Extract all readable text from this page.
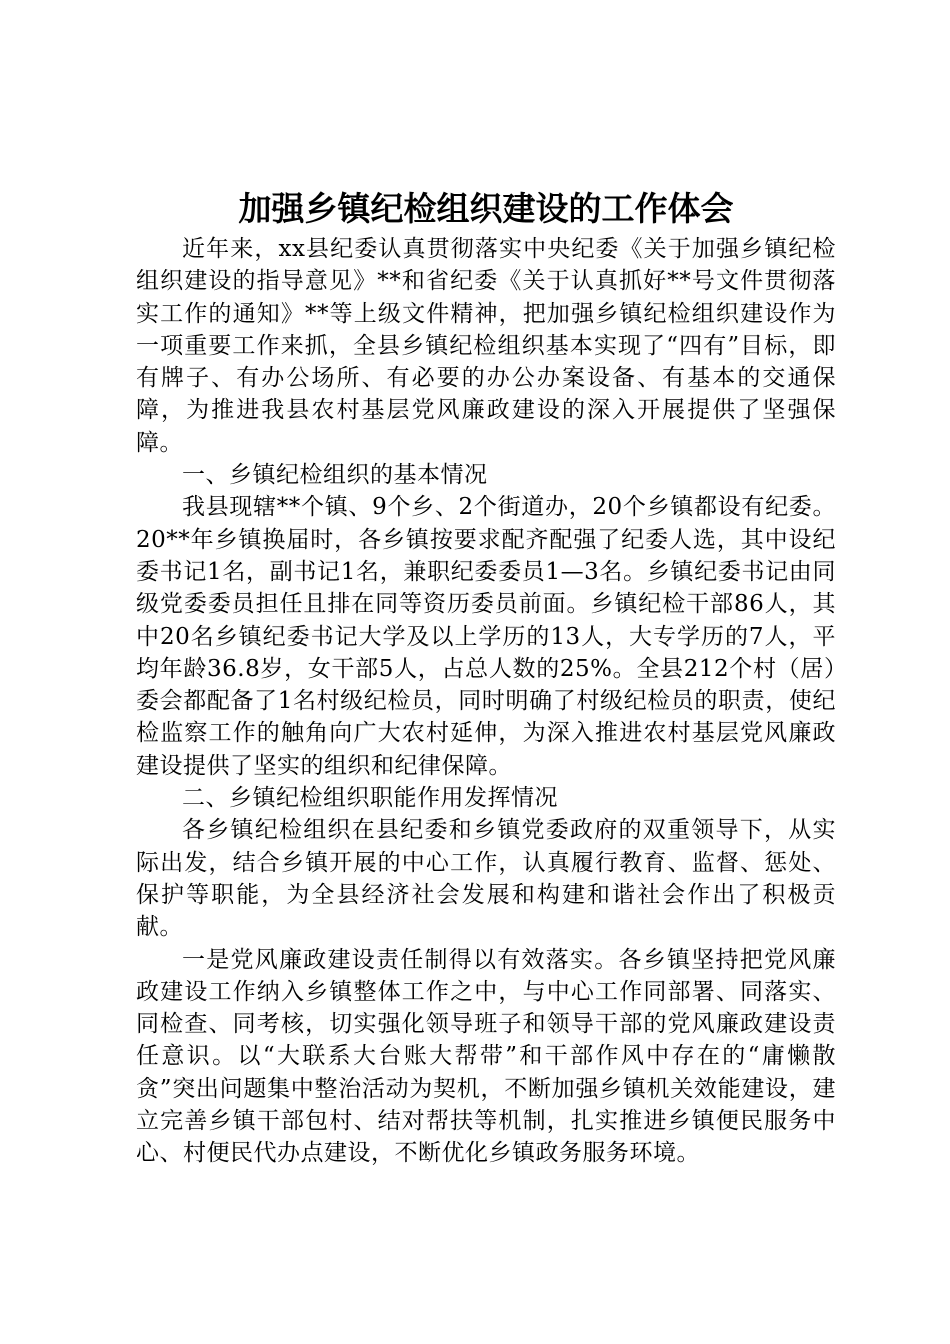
加强乡镇纪检组织建设的工作体会

近年来，xx县纪委认真贯彻落实中央纪委《关于加强乡镇纪检组织建设的指导意见》**和省纪委《关于认真抓好**号文件贯彻落实工作的通知》**等上级文件精神，把加强乡镇纪检组织建设作为一项重要工作来抓，全县乡镇纪检组织基本实现了“四有”目标，即有牌子、有办公场所、有必要的办公办案设备、有基本的交通保障，为推进我县农村基层党风廉政建设的深入开展提供了坚强保障。

一、乡镇纪检组织的基本情况

我县现辖**个镇、9个乡、2个街道办，20个乡镇都设有纪委。20**年乡镇换届时，各乡镇按要求配齐配强了纪委人选，其中设纪委书记1名，副书记1名，兼职纪委委员1—3名。乡镇纪委书记由同级党委委员担任且排在同等资历委员前面。乡镇纪检干部86人，其中20名乡镇纪委书记大学及以上学历的13人，大专学历的7人，平均年龄36.8岁，女干部5人，占总人数的25%。全县212个村（居）委会都配备了1名村级纪检员，同时明确了村级纪检员的职责，使纪检监察工作的触角向广大农村延伸，为深入推进农村基层党风廉政建设提供了坚实的组织和纪律保障。

二、乡镇纪检组织职能作用发挥情况

各乡镇纪检组织在县纪委和乡镇党委政府的双重领导下，从实际出发，结合乡镇开展的中心工作，认真履行教育、监督、惩处、保护等职能，为全县经济社会发展和构建和谐社会作出了积极贡献。

一是党风廉政建设责任制得以有效落实。各乡镇坚持把党风廉政建设工作纳入乡镇整体工作之中，与中心工作同部署、同落实、同检查、同考核，切实强化领导班子和领导干部的党风廉政建设责任意识。以“大联系大台账大帮带”和干部作风中存在的“庸懒散贪”突出问题集中整治活动为契机，不断加强乡镇机关效能建设，建立完善乡镇干部包村、结对帮扶等机制，扎实推进乡镇便民服务中心、村便民代办点建设，不断优化乡镇政务服务环境。
